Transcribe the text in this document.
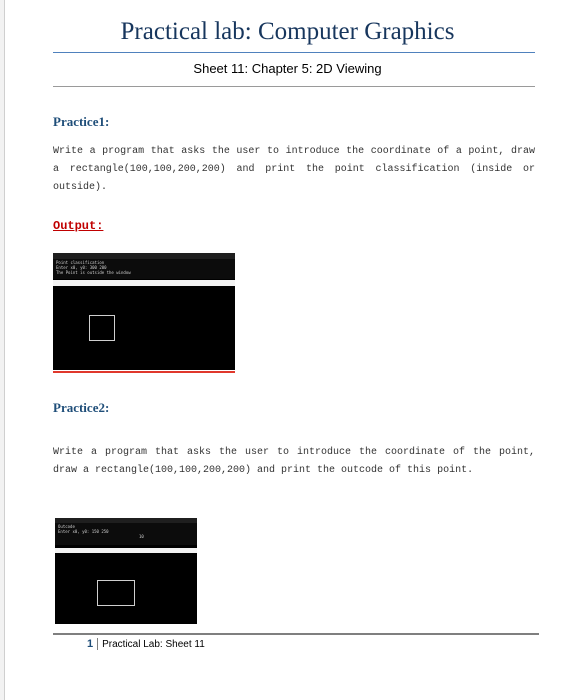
Practical lab: Computer Graphics
Sheet 11: Chapter 5: 2D Viewing
Practice1:
Write a program that asks the user to introduce the coordinate of a point, draw a rectangle(100,100,200,200) and print the point classification (inside or outside).
Output:
Point classification
Enter x0, y0: 300 200
The Point is outside the window
Practice2:
Write a program that asks the user to introduce the coordinate of the point, draw a rectangle(100,100,200,200) and print the outcode of this point.
Outcode
Enter x0, y0: 150 250
10
1 Practical Lab: Sheet 11
